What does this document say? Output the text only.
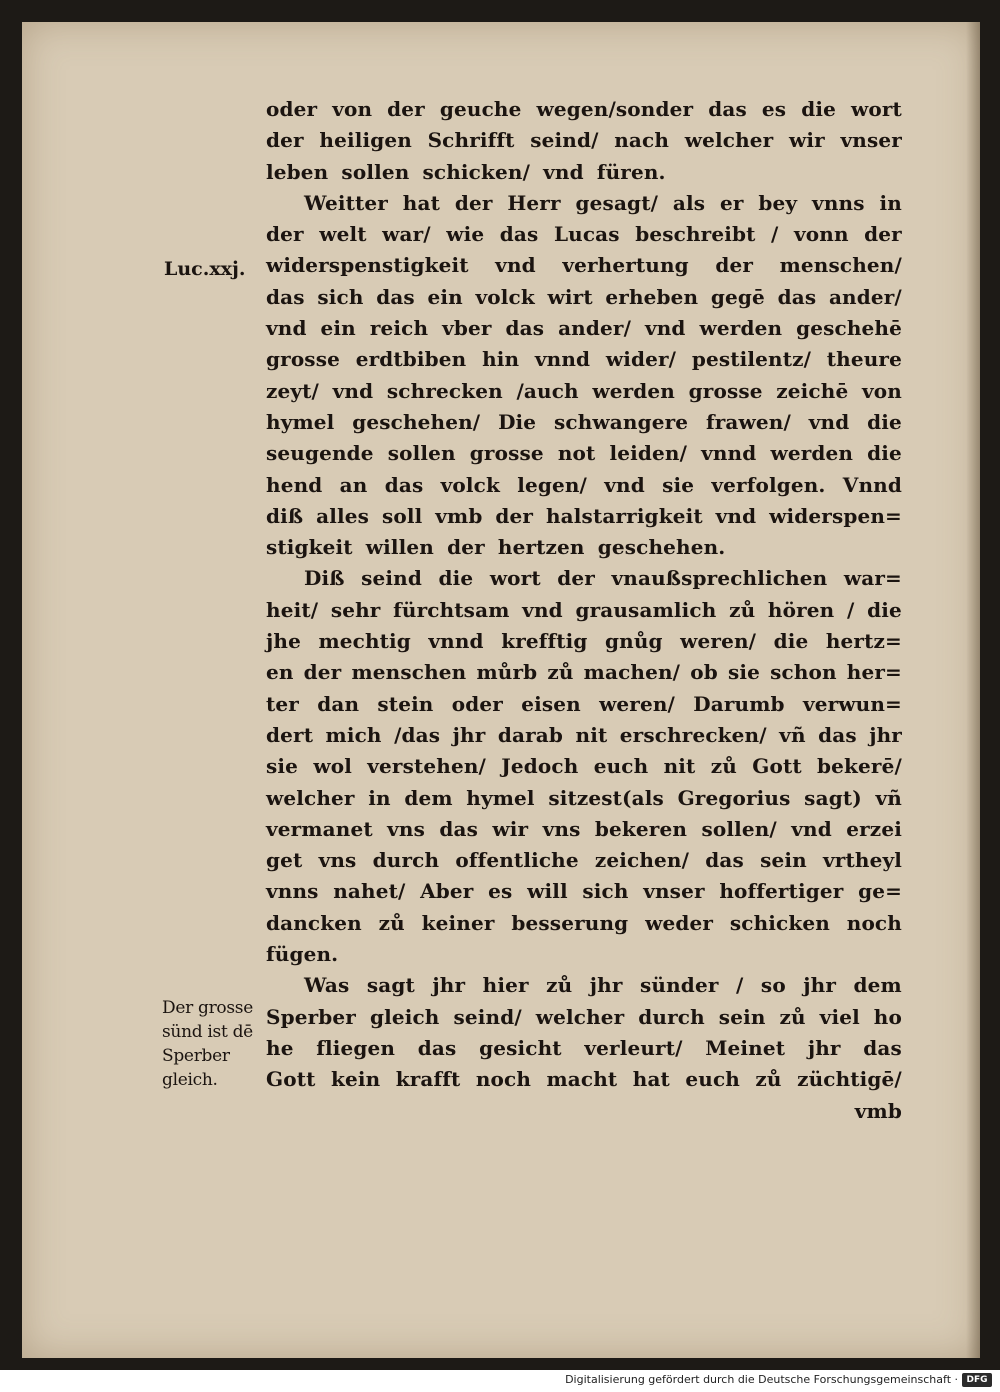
oder von der geuche wegen/sonder das es die wort
der heiligen Schrifft seind/ nach welcher wir vnser
leben sollen schicken/ vnd füren.
Weitter hat der Herr gesagt/ als er bey vnns in
der welt war/ wie das Lucas beschreibt / vonn der
widerspenstigkeit vnd verhertung der menschen/
das sich das ein volck wirt erheben gegē das ander/
vnd ein reich vber das ander/ vnd werden geschehē
grosse erdtbiben hin vnnd wider/ pestilentz/ theure
zeyt/ vnd schrecken /auch werden grosse zeichē von
hymel geschehen/ Die schwangere frawen/ vnd die
seugende sollen grosse not leiden/ vnnd werden die
hend an das volck legen/ vnd sie verfolgen. Vnnd
diß alles soll vmb der halstarrigkeit vnd widerspen=
stigkeit willen der hertzen geschehen.
Diß seind die wort der vnaußsprechlichen war=
heit/ sehr fürchtsam vnd grausamlich zů hören / die
jhe mechtig vnnd krefftig gnůg weren/ die hertz=
en der menschen můrb zů machen/ ob sie schon her=
ter dan stein oder eisen weren/ Darumb verwun=
dert mich /das jhr darab nit erschrecken/ vñ das jhr
sie wol verstehen/ Jedoch euch nit zů Gott bekerē/
welcher in dem hymel sitzest(als Gregorius sagt) vñ
vermanet vns das wir vns bekeren sollen/ vnd erzei
get vns durch offentliche zeichen/ das sein vrtheyl
vnns nahet/ Aber es will sich vnser hoffertiger ge=
dancken zů keiner besserung weder schicken noch
fügen.
Was sagt jhr hier zů jhr sünder / so jhr dem
Sperber gleich seind/ welcher durch sein zů viel ho
he fliegen das gesicht verleurt/ Meinet jhr das
Gott kein krafft noch macht hat euch zů züchtigē/
vmb
Luc.xxj.
Der grosse
sünd ist dē
Sperber
gleich.
Digitalisierung gefördert durch die Deutsche Forschungsgemeinschaft · DFG
